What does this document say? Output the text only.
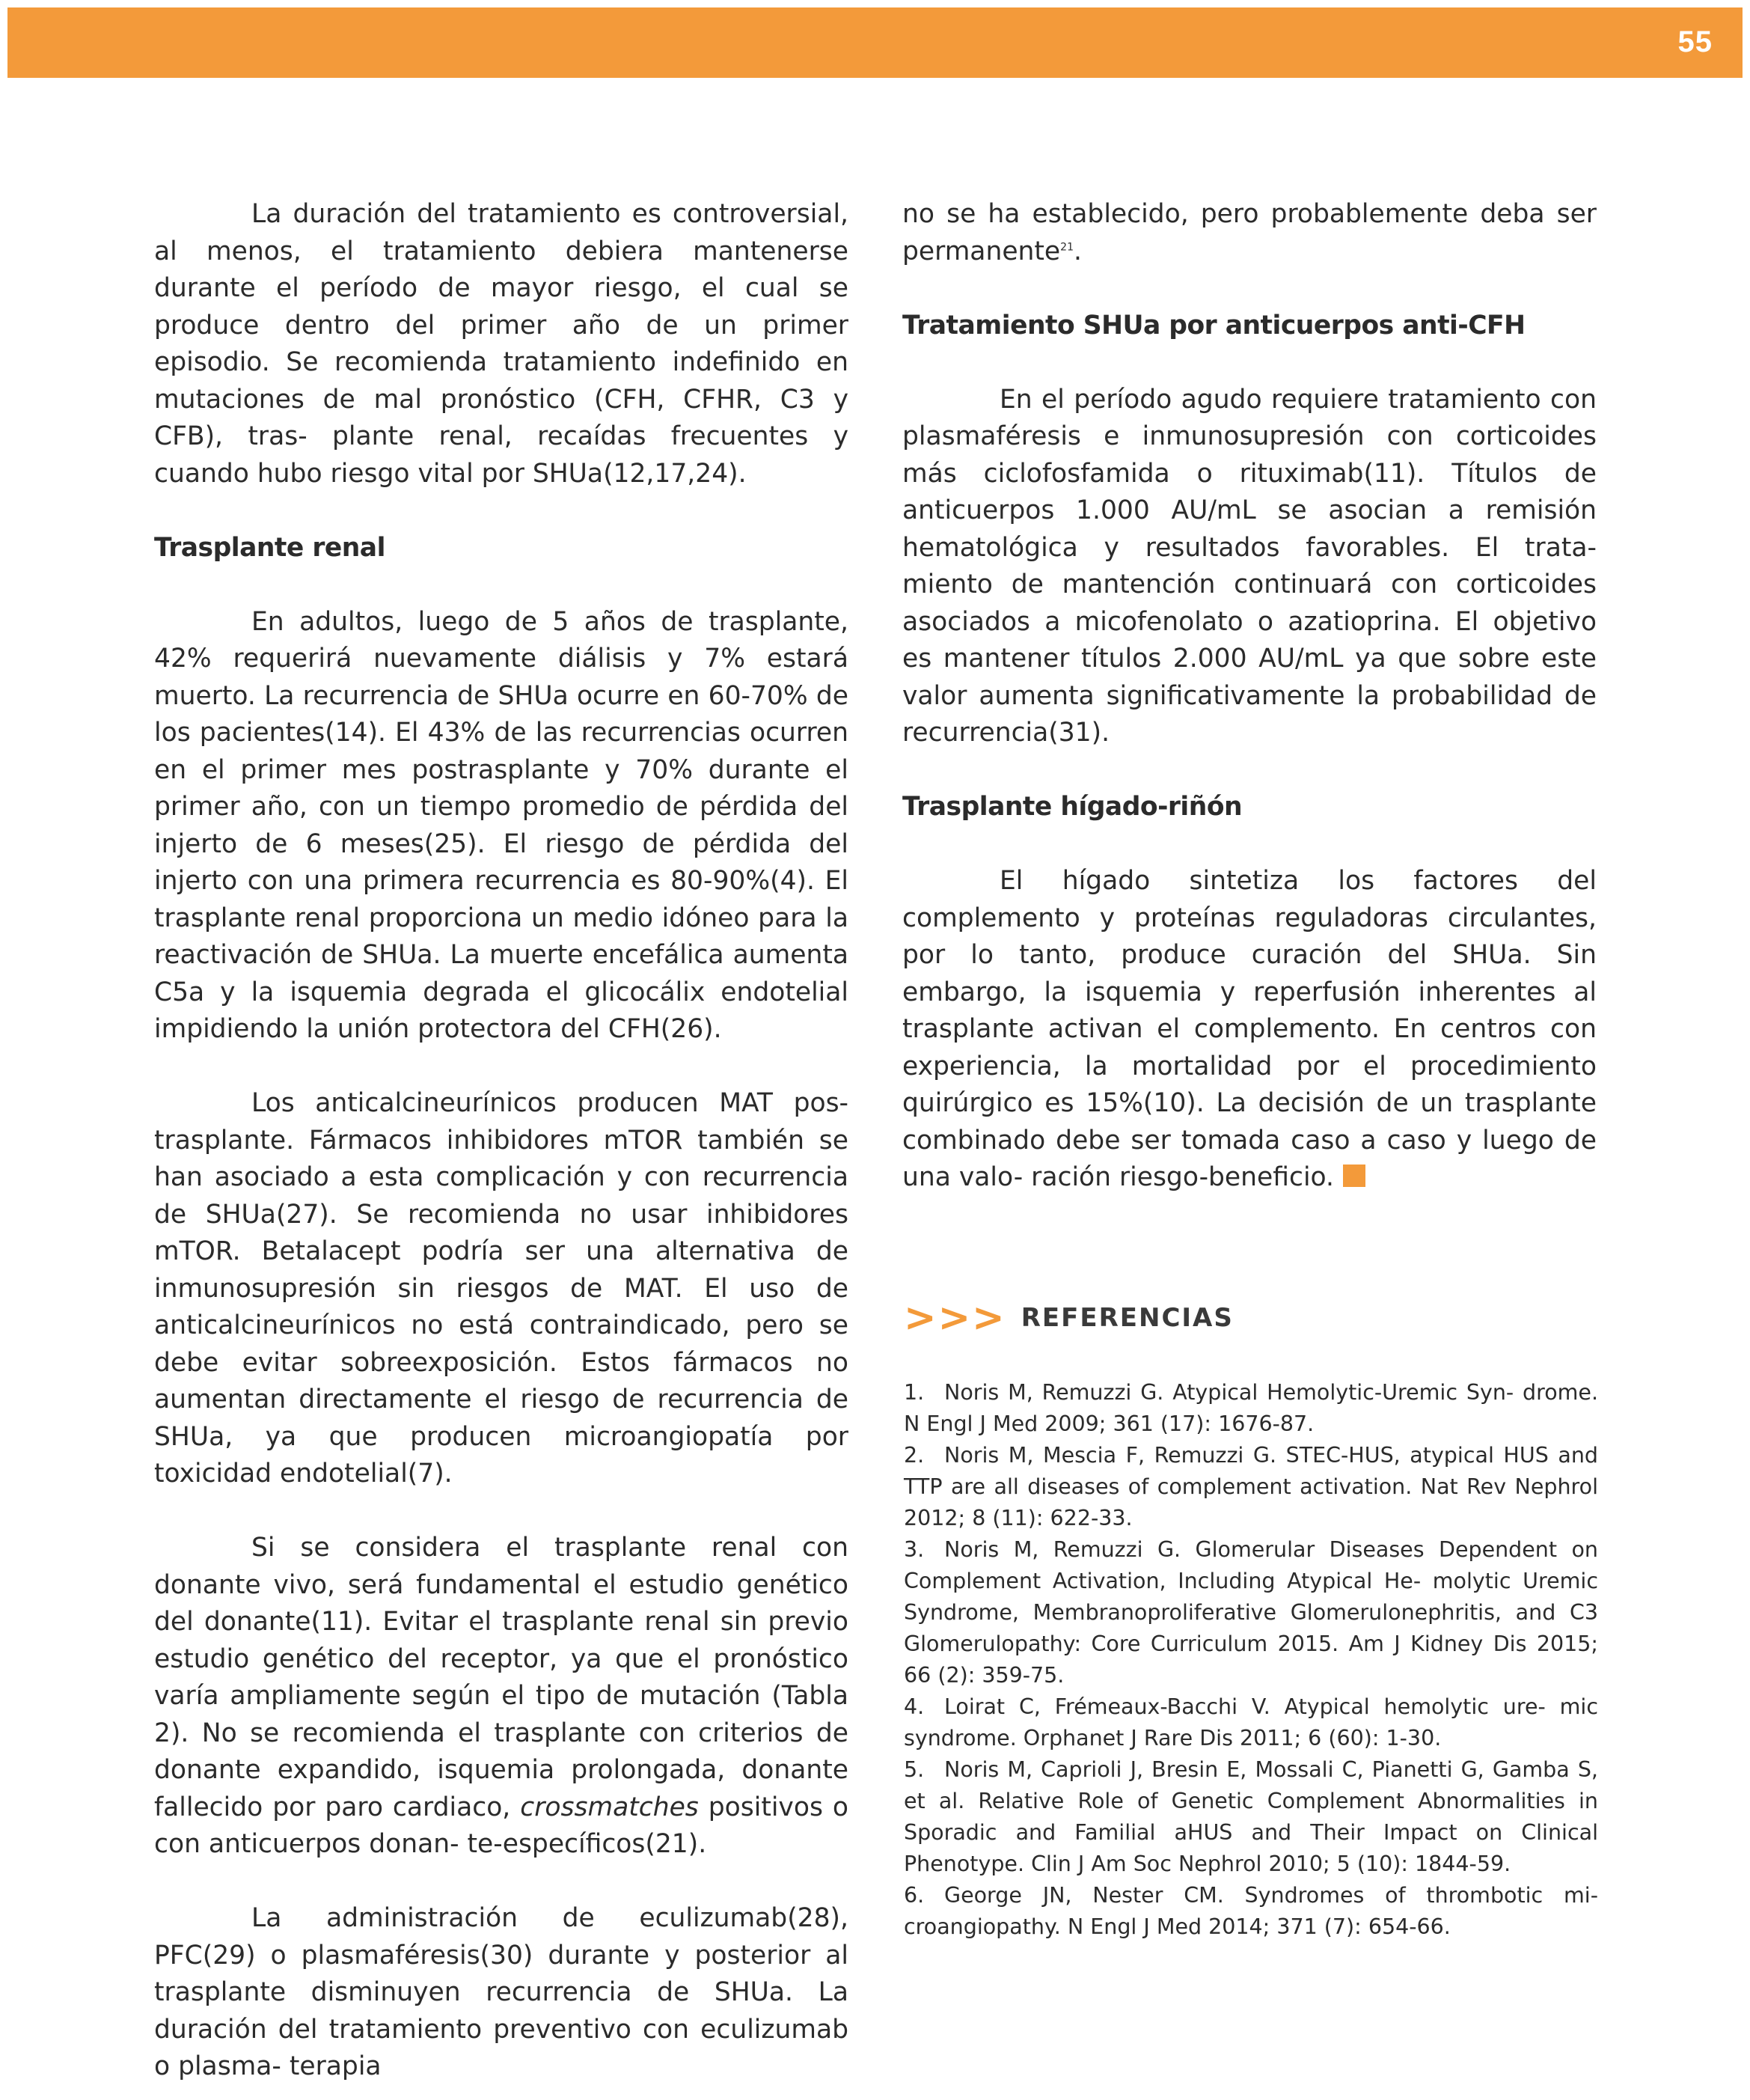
55

La duración del tratamiento es controversial, al menos, el tratamiento debiera mantenerse durante el período de mayor riesgo, el cual se produce dentro del primer año de un primer episodio. Se recomienda tratamiento indefinido en mutaciones de mal pronóstico (CFH, CFHR, C3 y CFB), tras- plante renal, recaídas frecuentes y cuando hubo riesgo vital por SHUa(12,17,24).

Trasplante renal

En adultos, luego de 5 años de trasplante, 42% requerirá nuevamente diálisis y 7% estará muerto. La recurrencia de SHUa ocurre en 60-70% de los pacientes(14). El 43% de las recurrencias ocurren en el primer mes postrasplante y 70% durante el primer año, con un tiempo promedio de pérdida del injerto de 6 meses(25). El riesgo de pérdida del injerto con una primera recurrencia es 80-90%(4). El trasplante renal proporciona un medio idóneo para la reactivación de SHUa. La muerte encefálica aumenta C5a y la isquemia degrada el glicocálix endotelial impidiendo la unión protectora del CFH(26).

Los anticalcineurínicos producen MAT pos-trasplante. Fármacos inhibidores mTOR también se han asociado a esta complicación y con recurrencia de SHUa(27). Se recomienda no usar inhibidores mTOR. Betalacept podría ser una alternativa de inmunosupresión sin riesgos de MAT. El uso de anticalcineurínicos no está contraindicado, pero se debe evitar sobreexposición. Estos fármacos no aumentan directamente el riesgo de recurrencia de SHUa, ya que producen microangiopatía por toxicidad endotelial(7).

Si se considera el trasplante renal con donante vivo, será fundamental el estudio genético del donante(11). Evitar el trasplante renal sin previo estudio genético del receptor, ya que el pronóstico varía ampliamente según el tipo de mutación (Tabla 2). No se recomienda el trasplante con criterios de donante expandido, isquemia prolongada, donante fallecido por paro cardiaco, crossmatches positivos o con anticuerpos donan- te-específicos(21).

La administración de eculizumab(28), PFC(29) o plasmaféresis(30) durante y posterior al trasplante disminuyen recurrencia de SHUa. La duración del tratamiento preventivo con eculizumab o plasma- terapia

no se ha establecido, pero probablemente deba ser permanente$^{21}$.

Tratamiento SHUa por anticuerpos anti-CFH

En el período agudo requiere tratamiento con plasmaféresis e inmunosupresión con corticoides más ciclofosfamida o rituximab(11). Títulos de anticuerpos 1.000 AU/mL se asocian a remisión hematológica y resultados favorables. El trata- miento de mantención continuará con corticoides asociados a micofenolato o azatioprina. El objetivo es mantener títulos 2.000 AU/mL ya que sobre este valor aumenta significativamente la probabilidad de recurrencia(31).

Trasplante hígado-riñón

El hígado sintetiza los factores del complemento y proteínas reguladoras circulantes, por lo tanto, produce curación del SHUa. Sin embargo, la isquemia y reperfusión inherentes al trasplante activan el complemento. En centros con experiencia, la mortalidad por el procedimiento quirúrgico es 15%(10). La decisión de un trasplante combinado debe ser tomada caso a caso y luego de una valo- ración riesgo-beneficio.

>>> REFERENCIAS

1. Noris M, Remuzzi G. Atypical Hemolytic-Uremic Syn- drome. N Engl J Med 2009; 361 (17): 1676-87.

2. Noris M, Mescia F, Remuzzi G. STEC-HUS, atypical HUS and TTP are all diseases of complement activation. Nat Rev Nephrol 2012; 8 (11): 622-33.

3. Noris M, Remuzzi G. Glomerular Diseases Dependent on Complement Activation, Including Atypical He- molytic Uremic Syndrome, Membranoproliferative Glomerulonephritis, and C3 Glomerulopathy: Core Curriculum 2015. Am J Kidney Dis 2015; 66 (2): 359-75.

4. Loirat C, Frémeaux-Bacchi V. Atypical hemolytic ure- mic syndrome. Orphanet J Rare Dis 2011; 6 (60): 1-30.

5. Noris M, Caprioli J, Bresin E, Mossali C, Pianetti G, Gamba S, et al. Relative Role of Genetic Complement Abnormalities in Sporadic and Familial aHUS and Their Impact on Clinical Phenotype. Clin J Am Soc Nephrol 2010; 5 (10): 1844-59.

6. George JN, Nester CM. Syndromes of thrombotic mi- croangiopathy. N Engl J Med 2014; 371 (7): 654-66.
